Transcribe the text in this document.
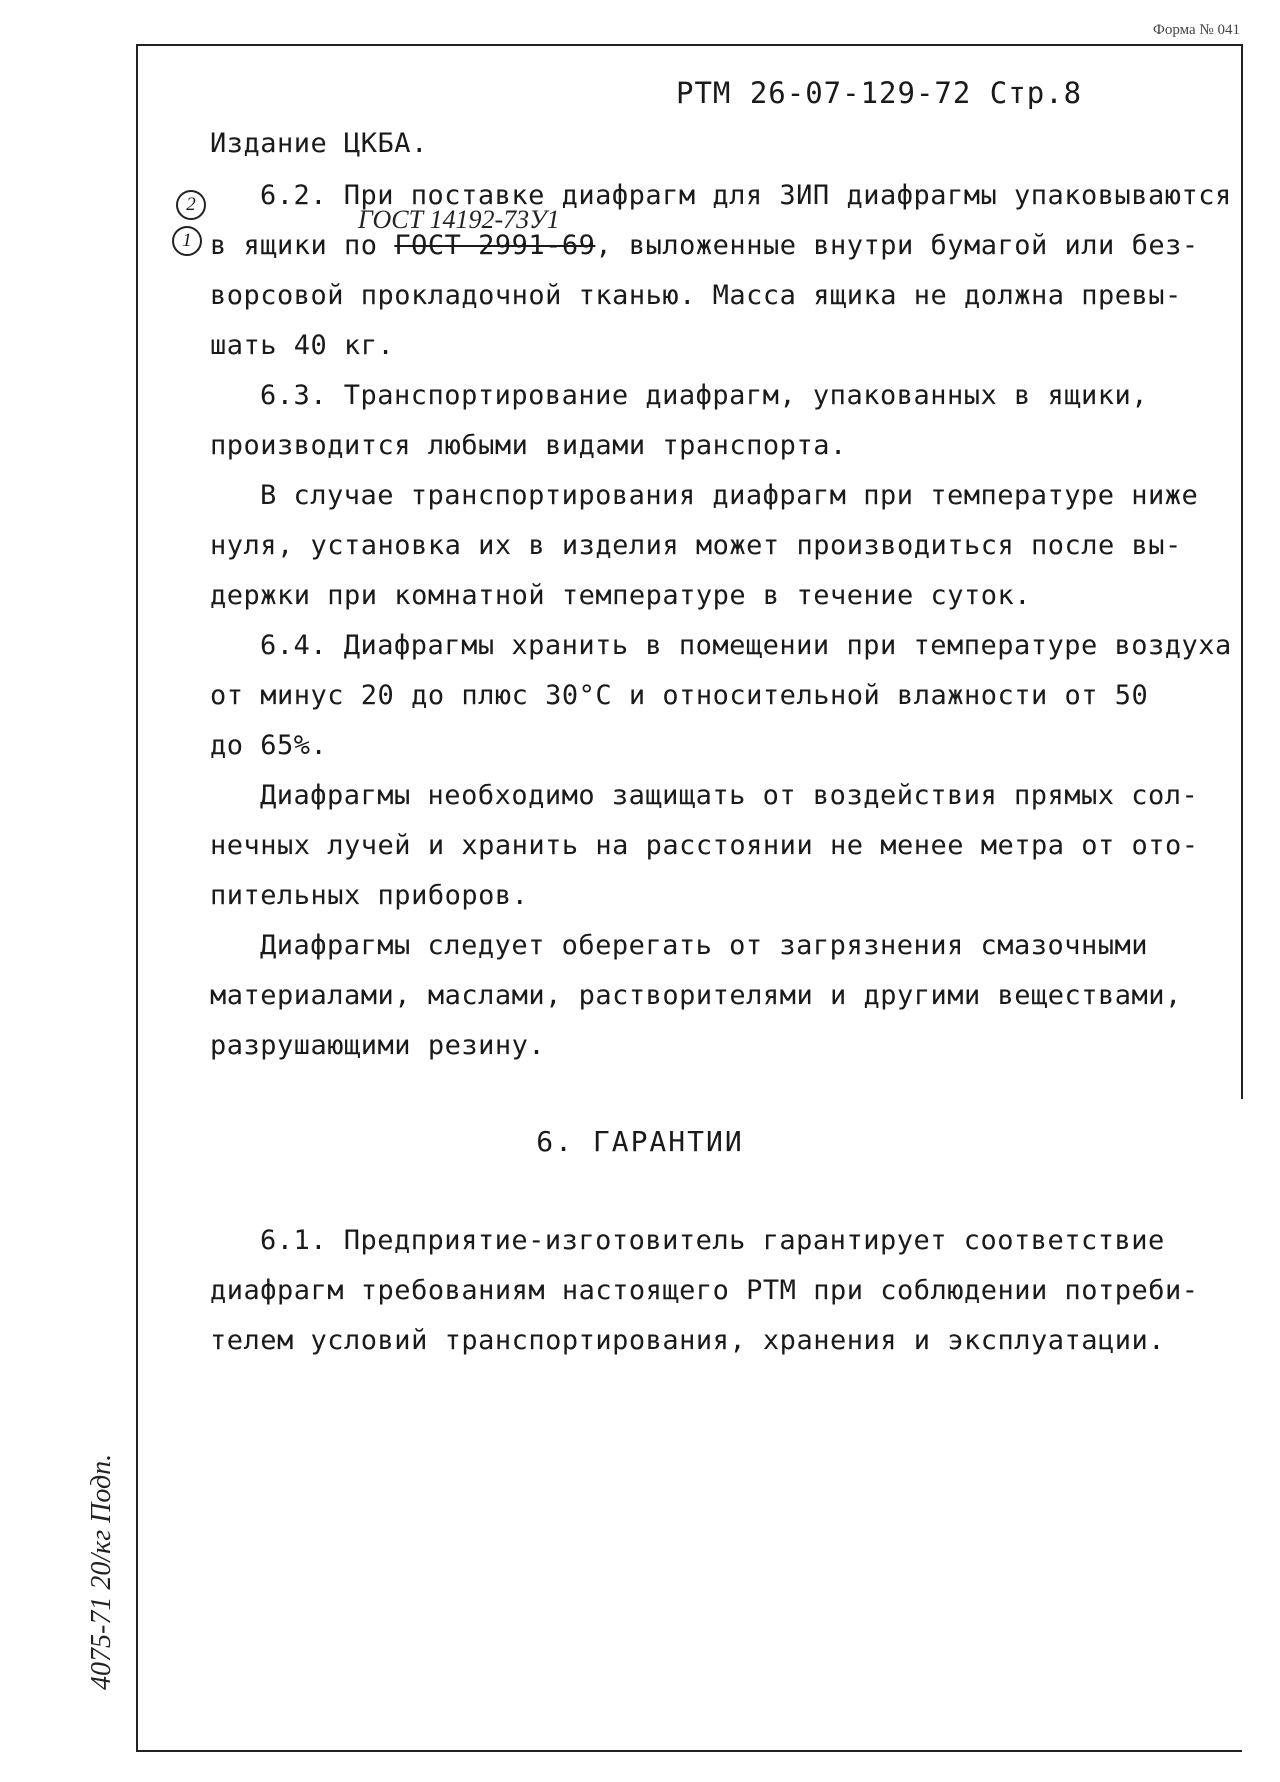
Форма № 041
РТМ 26-07-129-72 Стр.8
Издание ЦКБА.
2	6.2. При поставке диафрагм для ЗИП диафрагмы упаковываются
ГОСТ 14192-73У1
1 в ящики по ГОСТ 2991-69, выложенные внутри бумагой или без-
ворсовой прокладочной тканью. Масса ящика не должна превы-
шать 40 кг.
6.3. Транспортирование диафрагм, упакованных в ящики,
производится любыми видами транспорта.
В случае транспортирования диафрагм при температуре ниже
нуля, установка их в изделия может производиться после вы-
держки при комнатной температуре в течение суток.
6.4. Диафрагмы хранить в помещении при температуре воздуха
от минус 20 до плюс 30°С и относительной влажности от 50
до 65%.
Диафрагмы необходимо защищать от воздействия прямых сол-
нечных лучей и хранить на расстоянии не менее метра от ото-
пительных приборов.
Диафрагмы следует оберегать от загрязнения смазочными
материалами, маслами, растворителями и другими веществами,
разрушающими резину.
6. ГАРАНТИИ
6.1. Предприятие-изготовитель гарантирует соответствие
диафрагм требованиям настоящего РТМ при соблюдении потреби-
телем условий транспортирования, хранения и эксплуатации.
4075-71 20/кг Подп.
